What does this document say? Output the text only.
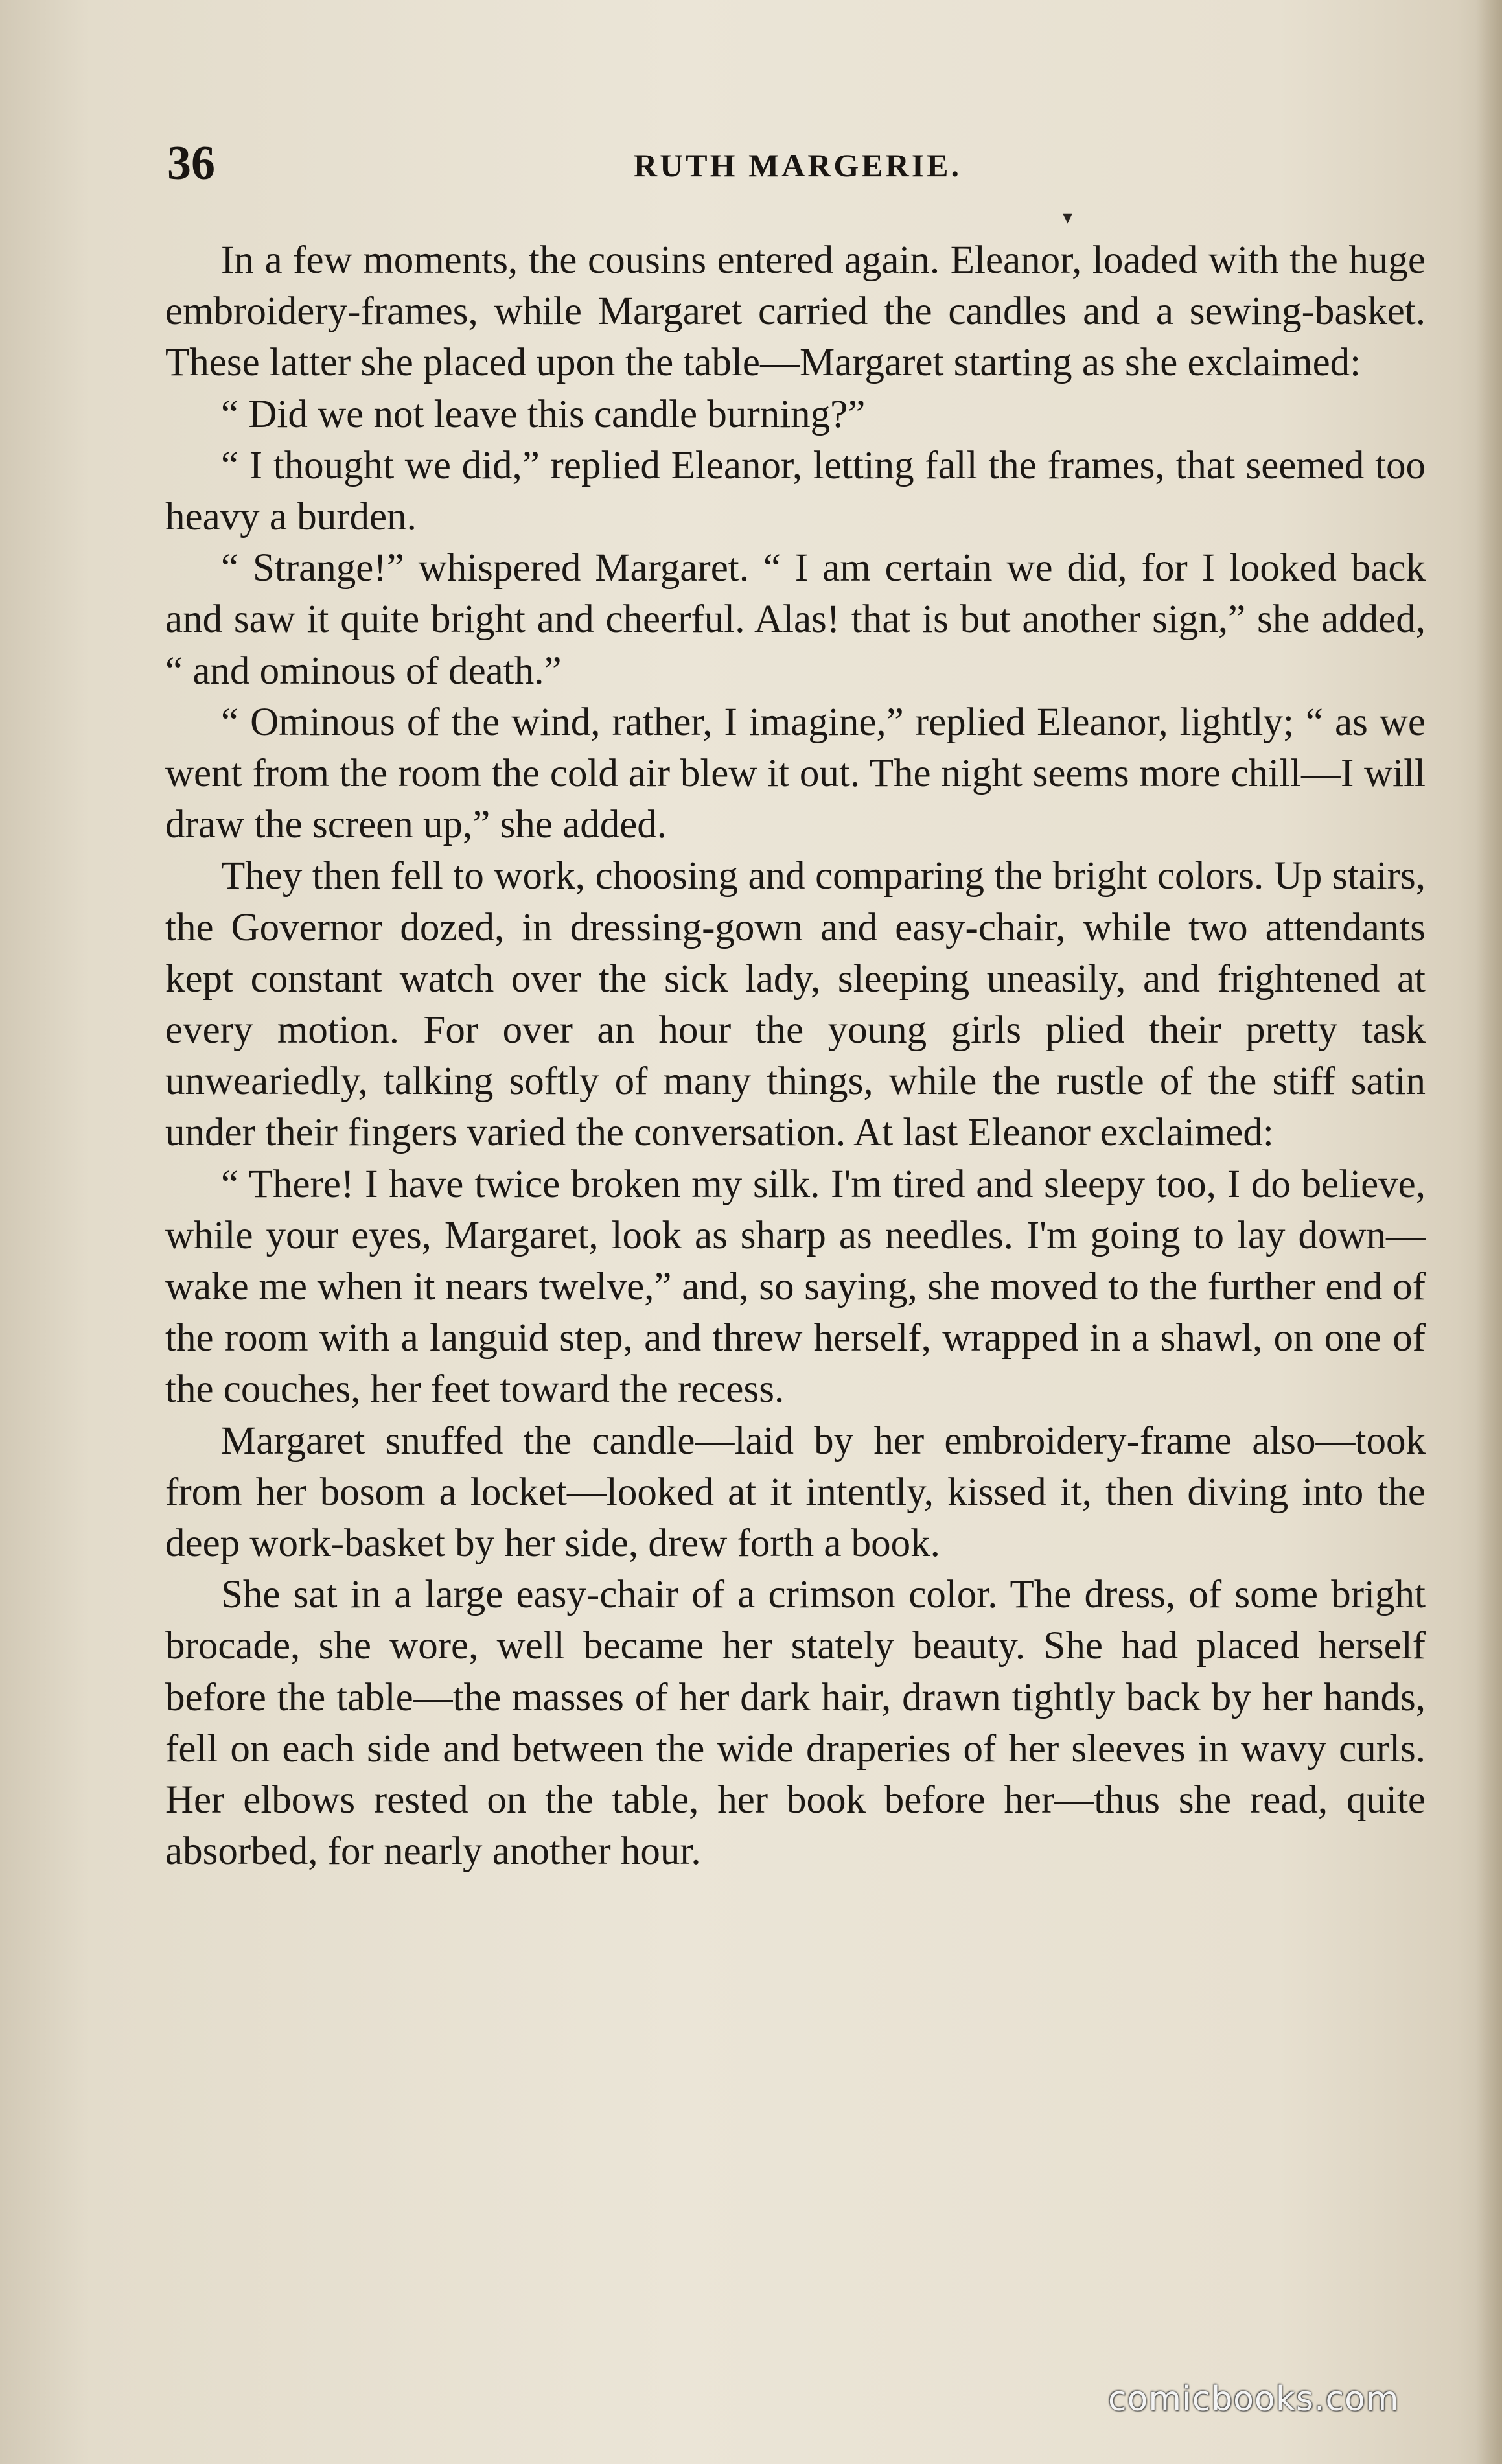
36	RUTH MARGERIE.
▾

In a few moments, the cousins entered again. Eleanor, loaded with the huge embroidery-frames, while Margaret carried the candles and a sewing-basket. These latter she placed upon the table—Margaret starting as she exclaimed:

“ Did we not leave this candle burning?”

“ I thought we did,” replied Eleanor, letting fall the frames, that seemed too heavy a burden.

“ Strange!” whispered Margaret. “ I am certain we did, for I looked back and saw it quite bright and cheerful. Alas! that is but another sign,” she added, “ and ominous of death.”

“ Ominous of the wind, rather, I imagine,” replied Eleanor, lightly; “ as we went from the room the cold air blew it out. The night seems more chill—I will draw the screen up,” she added.

They then fell to work, choosing and comparing the bright colors. Up stairs, the Governor dozed, in dressing-gown and easy-chair, while two attendants kept constant watch over the sick lady, sleeping uneasily, and frightened at every motion. For over an hour the young girls plied their pretty task unweariedly, talking softly of many things, while the rustle of the stiff satin under their fingers varied the conversation. At last Eleanor exclaimed:

“ There! I have twice broken my silk. I'm tired and sleepy too, I do believe, while your eyes, Margaret, look as sharp as needles. I'm going to lay down—wake me when it nears twelve,” and, so saying, she moved to the further end of the room with a languid step, and threw herself, wrapped in a shawl, on one of the couches, her feet toward the recess.

Margaret snuffed the candle—laid by her embroidery-frame also—took from her bosom a locket—looked at it intently, kissed it, then diving into the deep work-basket by her side, drew forth a book.

She sat in a large easy-chair of a crimson color. The dress, of some bright brocade, she wore, well became her stately beauty. She had placed herself before the table—the masses of her dark hair, drawn tightly back by her hands, fell on each side and between the wide draperies of her sleeves in wavy curls. Her elbows rested on the table, her book before her—thus she read, quite absorbed, for nearly another hour.

comicbooks.com
